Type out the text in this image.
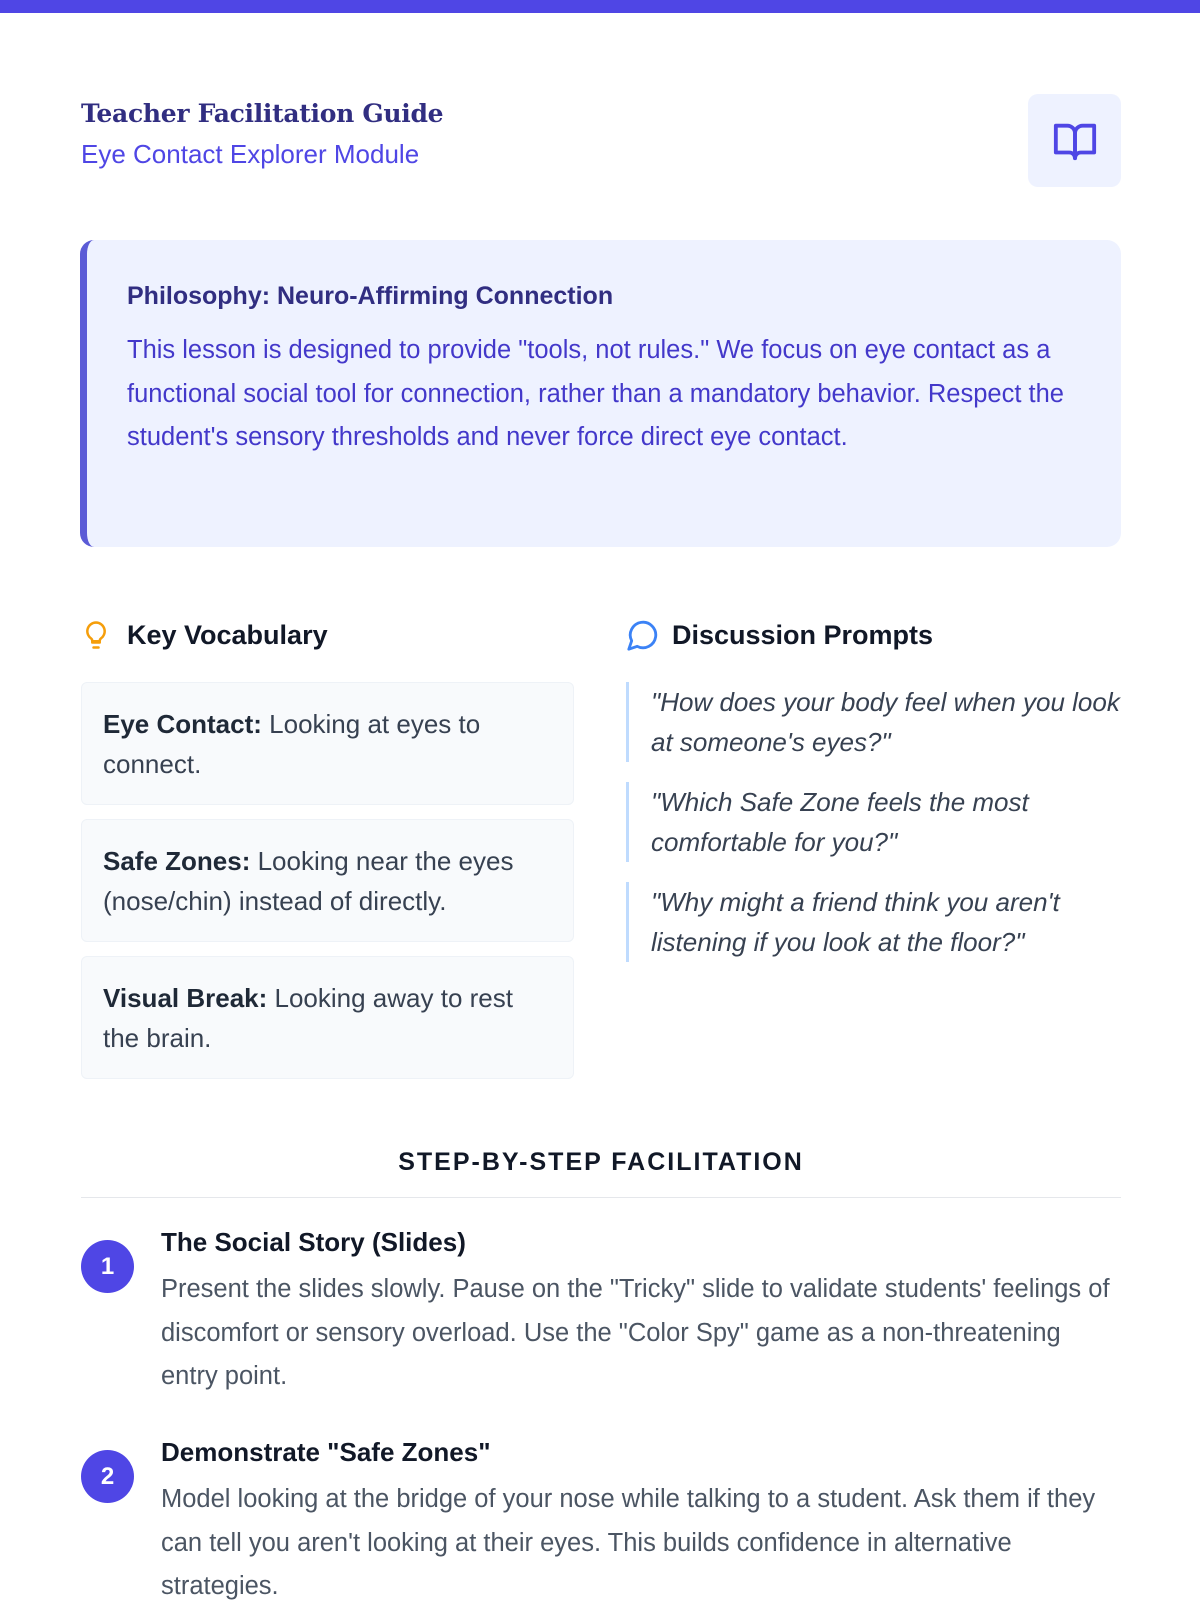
Teacher Facilitation Guide
Eye Contact Explorer Module
Philosophy: Neuro-Affirming Connection
This lesson is designed to provide "tools, not rules." We focus on eye contact as a functional social tool for connection, rather than a mandatory behavior. Respect the student's sensory thresholds and never force direct eye contact.
Key Vocabulary
Eye Contact: Looking at eyes to connect.
Safe Zones: Looking near the eyes (nose/chin) instead of directly.
Visual Break: Looking away to rest the brain.
Discussion Prompts
"How does your body feel when you look at someone's eyes?"
"Which Safe Zone feels the most comfortable for you?"
"Why might a friend think you aren't listening if you look at the floor?"
STEP-BY-STEP FACILITATION
1
The Social Story (Slides)
Present the slides slowly. Pause on the "Tricky" slide to validate students' feelings of discomfort or sensory overload. Use the "Color Spy" game as a non-threatening entry point.
2
Demonstrate "Safe Zones"
Model looking at the bridge of your nose while talking to a student. Ask them if they can tell you aren't looking at their eyes. This builds confidence in alternative strategies.
